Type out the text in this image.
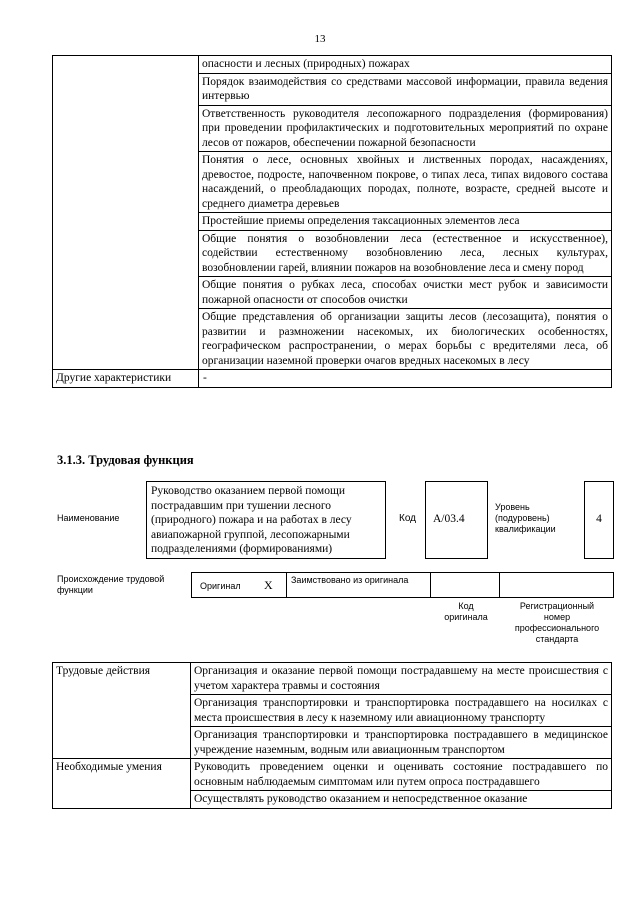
13
	опасности и лесных (природных) пожарах
	Порядок взаимодействия со средствами массовой информации, правила ведения интервью
	Ответственность руководителя лесопожарного подразделения (формирования) при проведении профилактических и подготовительных мероприятий по охране лесов от пожаров, обеспечении пожарной безопасности
	Понятия о лесе, основных хвойных и лиственных породах, насаждениях, древостое, подросте, напочвенном покрове, о типах леса, типах видового состава насаждений, о преобладающих породах, полноте, возрасте, средней высоте и среднего диаметра деревьев
	Простейшие приемы определения таксационных элементов леса
	Общие понятия о возобновлении леса (естественное и искусственное), содействии естественному возобновлению леса, лесных культурах, возобновлении гарей, влиянии пожаров на возобновление леса и смену пород
	Общие понятия о рубках леса, способах очистки мест рубок и зависимости пожарной опасности от способов очистки
	Общие представления об организации защиты лесов (лесозащита), понятия о развитии и размножении насекомых, их биологических особенностях, географическом распространении, о мерах борьбы с вредителями леса, об организации наземной проверки очагов вредных насекомых в лесу
Другие характеристики	-
3.1.3. Трудовая функция
Наименование
Руководство оказанием первой помощи пострадавшим при тушении лесного (природного) пожара и на работах в лесу авиапожарной группой, лесопожарными подразделениями (формированиями)
Код A/03.4
Уровень (подуровень) квалификации
4
Происхождение трудовой функции	Оригинал X Заимствовано из оригинала
Код оригинала
Регистрационный номер профессионального стандарта
Трудовые действия	Организация и оказание первой помощи пострадавшему на месте происшествия с учетом характера травмы и состояния
	Организация транспортировки и транспортировка пострадавшего на носилках с места происшествия в лесу к наземному или авиационному транспорту
	Организация транспортировки и транспортировка пострадавшего в медицинское учреждение наземным, водным или авиационным транспортом
Необходимые умения	Руководить проведением оценки и оценивать состояние пострадавшего по основным наблюдаемым симптомам или путем опроса пострадавшего
	Осуществлять руководство оказанием и непосредственное оказание
